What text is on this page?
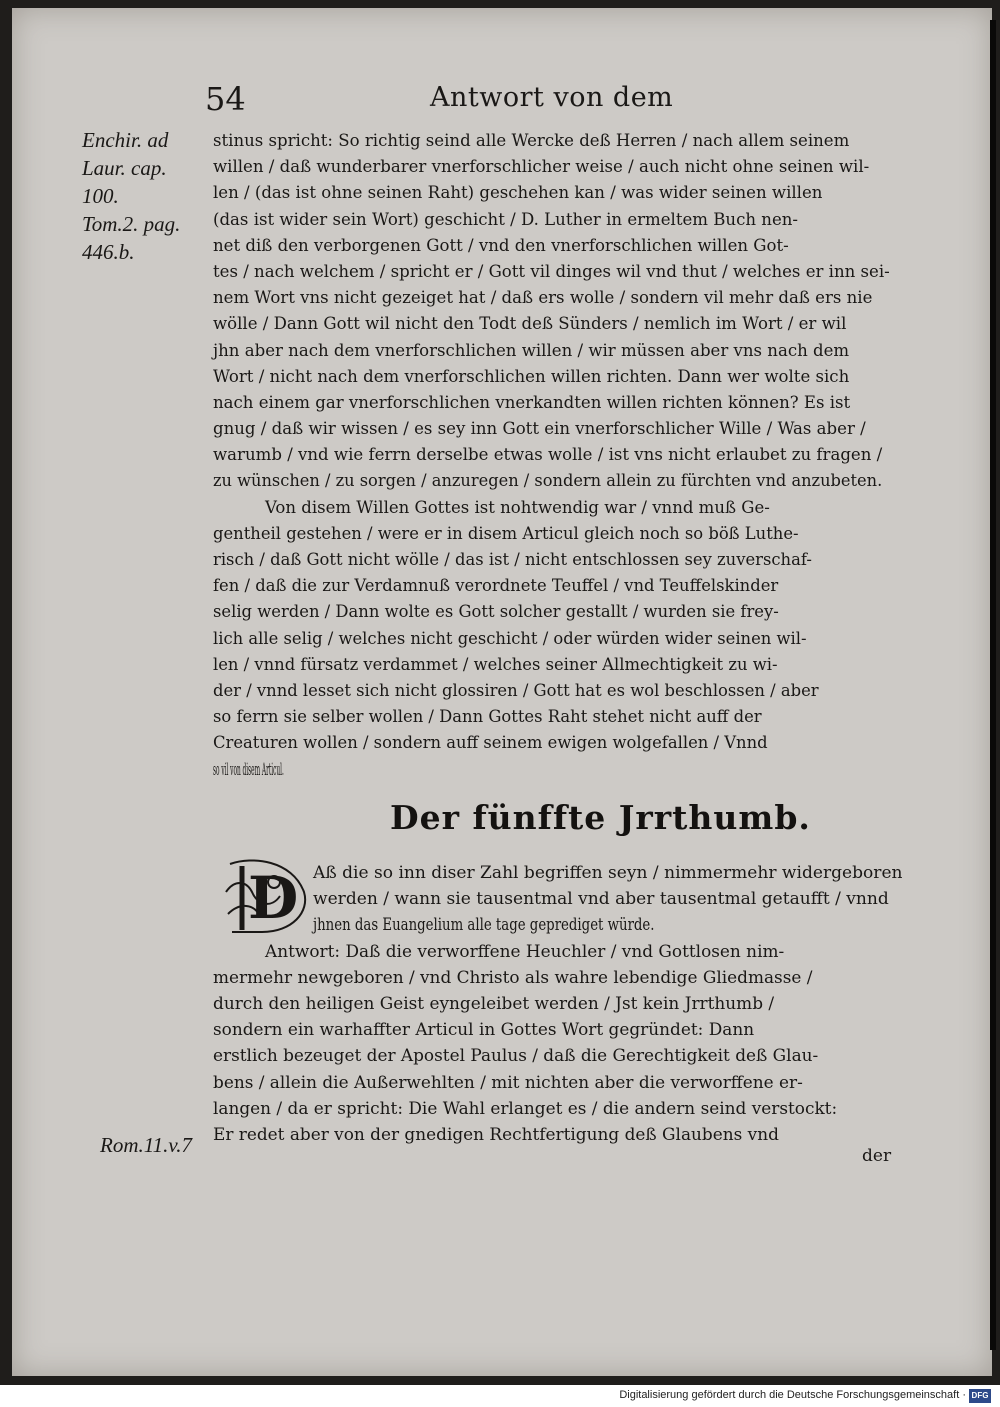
54	Antwort von dem
Enchir. ad
Laur. cap.
100.
Tom.2. pag.
446.b.
stinus spricht: So richtig seind alle Wercke deß Herren / nach allem seinem
willen / daß wunderbarer vnerforschlicher weise / auch nicht ohne seinen wil-
len / (das ist ohne seinen Raht) geschehen kan / was wider seinen willen
(das ist wider sein Wort) geschicht / D. Luther in ermeltem Buch nen-
net diß den verborgenen Gott / vnd den vnerforschlichen willen Got-
tes / nach welchem / spricht er / Gott vil dinges wil vnd thut / welches er inn sei-
nem Wort vns nicht gezeiget hat / daß ers wolle / sondern vil mehr daß ers nie
wölle / Dann Gott wil nicht den Todt deß Sünders / nemlich im Wort / er wil
jhn aber nach dem vnerforschlichen willen / wir müssen aber vns nach dem
Wort / nicht nach dem vnerforschlichen willen richten. Dann wer wolte sich
nach einem gar vnerforschlichen vnerkandten willen richten können? Es ist
gnug / daß wir wissen / es sey inn Gott ein vnerforschlicher Wille / Was aber /
warumb / vnd wie ferrn derselbe etwas wolle / ist vns nicht erlaubet zu fragen /
zu wünschen / zu sorgen / anzuregen / sondern allein zu fürchten vnd anzubeten.
Von disem Willen Gottes ist nohtwendig war / vnnd muß Ge-
gentheil gestehen / were er in disem Articul gleich noch so böß Luthe-
risch / daß Gott nicht wölle / das ist / nicht entschlossen sey zuverschaf-
fen / daß die zur Verdamnuß verordnete Teuffel / vnd Teuffelskinder
selig werden / Dann wolte es Gott solcher gestallt / wurden sie frey-
lich alle selig / welches nicht geschicht / oder würden wider seinen wil-
len / vnnd fürsatz verdammet / welches seiner Allmechtigkeit zu wi-
der / vnnd lesset sich nicht glossiren / Gott hat es wol beschlossen / aber
so ferrn sie selber wollen / Dann Gottes Raht stehet nicht auff der
Creaturen wollen / sondern auff seinem ewigen wolgefallen / Vnnd
so vil von disem Articul.
Der fünffte Jrrthumb.
D Aß die so inn diser Zahl begriffen seyn / nimmermehr widergeboren
werden / wann sie tausentmal vnd aber tausentmal getaufft / vnnd
jhnen das Euangelium alle tage geprediget würde.
Antwort: Daß die verworffene Heuchler / vnd Gottlosen nim-
mermehr newgeboren / vnd Christo als wahre lebendige Gliedmasse /
durch den heiligen Geist eyngeleibet werden / Jst kein Jrrthumb /
sondern ein warhaffter Articul in Gottes Wort gegründet: Dann
erstlich bezeuget der Apostel Paulus / daß die Gerechtigkeit deß Glau-
bens / allein die Außerwehlten / mit nichten aber die verworffene er-
langen / da er spricht: Die Wahl erlanget es / die andern seind verstockt:
Er redet aber von der gnedigen Rechtfertigung deß Glaubens vnd
Rom.11.v.7	der
Digitalisierung gefördert durch die Deutsche Forschungsgemeinschaft · DFG
